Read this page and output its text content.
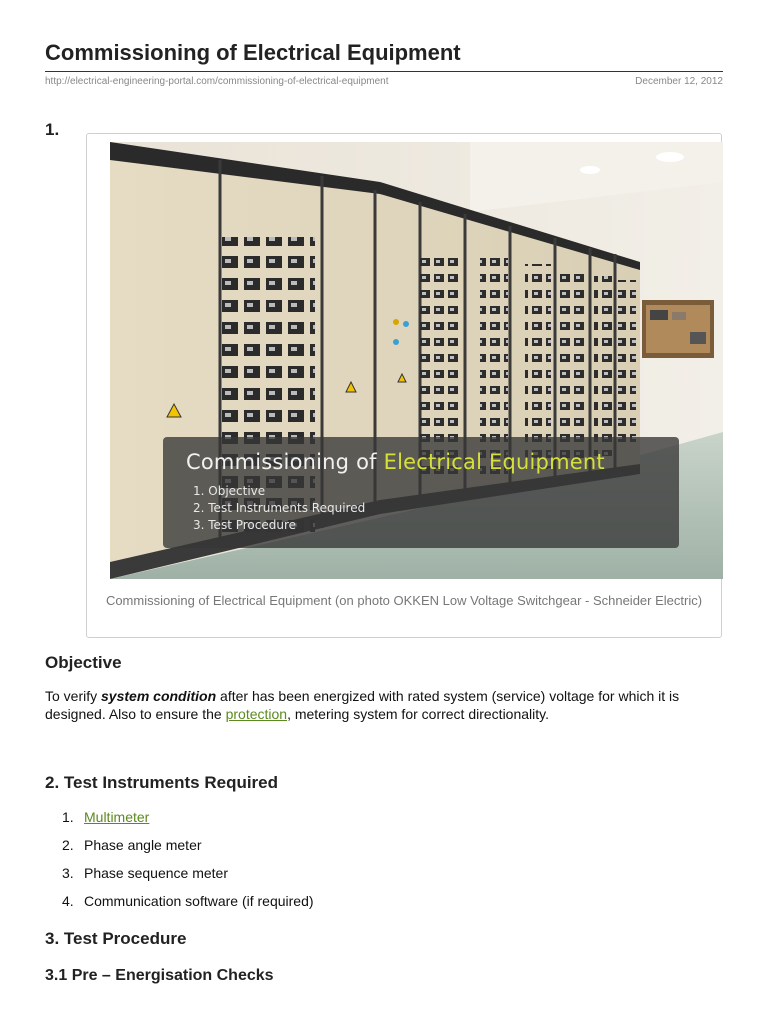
Commissioning of Electrical Equipment
http://electrical-engineering-portal.com/commissioning-of-electrical-equipment	December 12, 2012
1.
Commissioning of Electrical Equipment
1. Objective
2. Test Instruments Required
3. Test Procedure
Commissioning of Electrical Equipment (on photo OKKEN Low Voltage Switchgear - Schneider Electric)
Objective
To verify system condition after has been energized with rated system (service) voltage for which it is designed. Also to ensure the protection, metering system for correct directionality.
2. Test Instruments Required
1. Multimeter
2. Phase angle meter
3. Phase sequence meter
4. Communication software (if required)
3. Test Procedure
3.1 Pre – Energisation Checks
